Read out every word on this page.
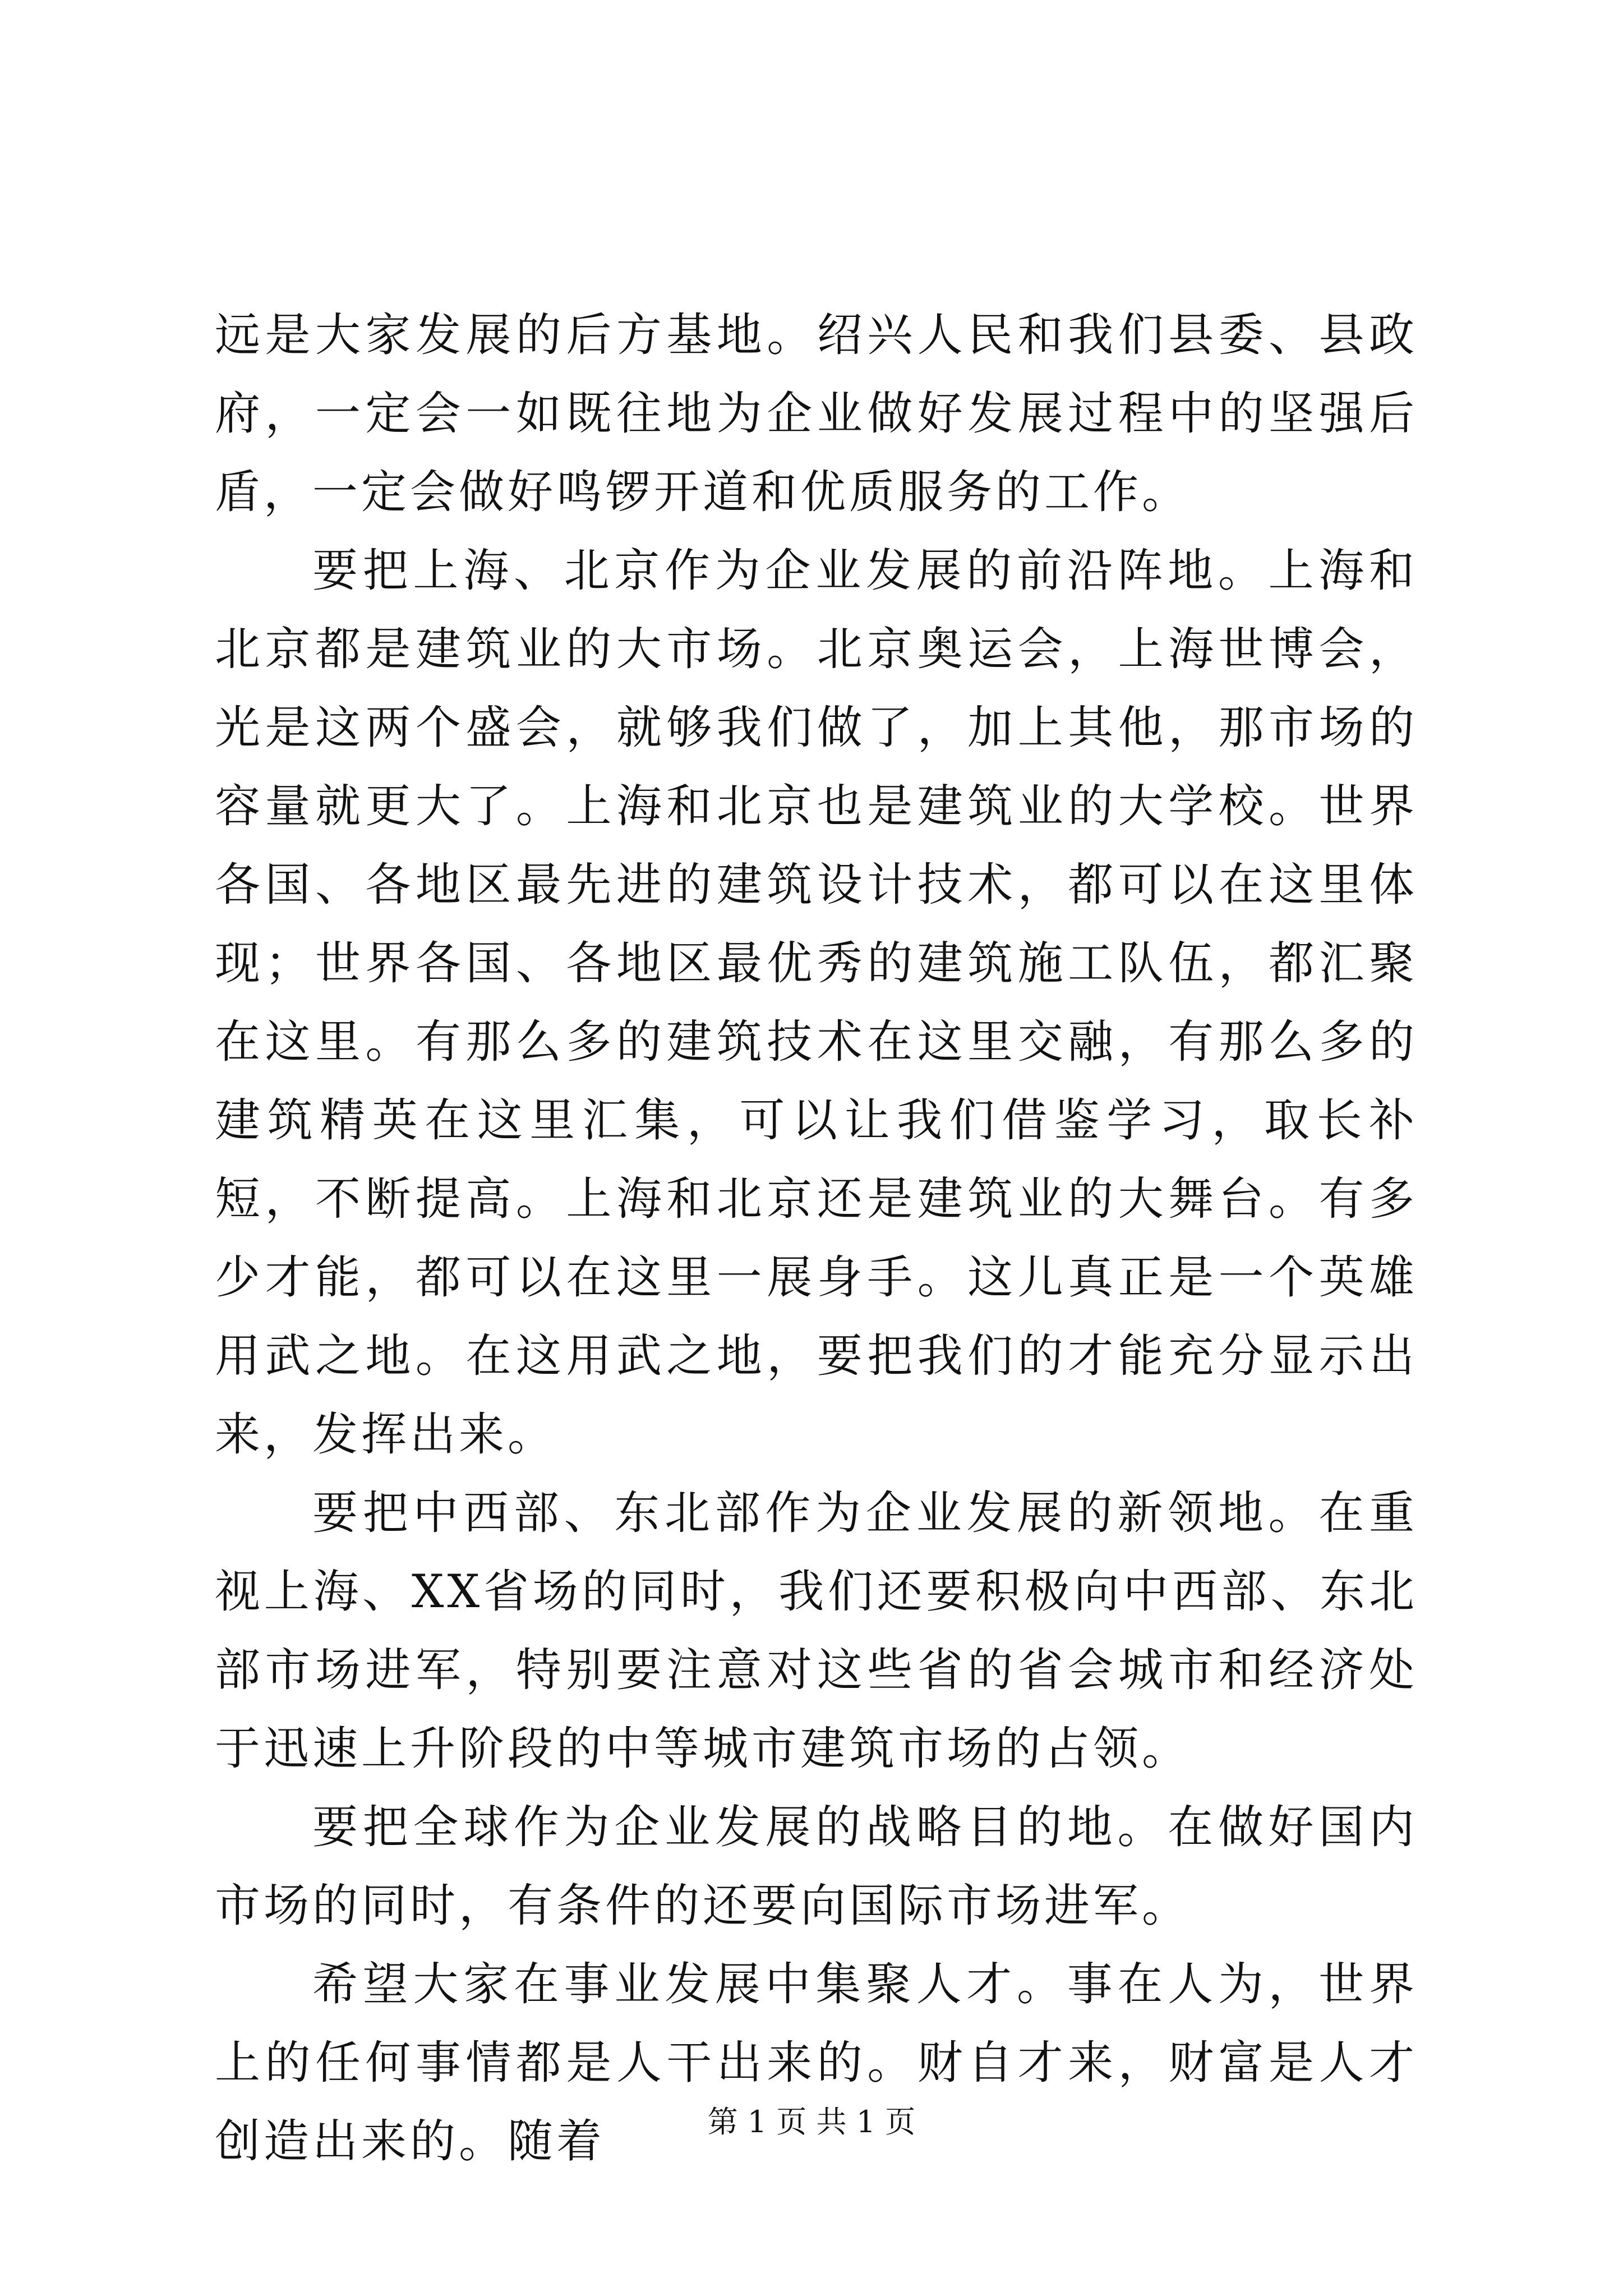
远是大家发展的后方基地。绍兴人民和我们县委、县政府，一定会一如既往地为企业做好发展过程中的坚强后盾，一定会做好鸣锣开道和优质服务的工作。

要把上海、北京作为企业发展的前沿阵地。上海和北京都是建筑业的大市场。北京奥运会，上海世博会，光是这两个盛会，就够我们做了，加上其他，那市场的容量就更大了。上海和北京也是建筑业的大学校。世界各国、各地区最先进的建筑设计技术，都可以在这里体现；世界各国、各地区最优秀的建筑施工队伍，都汇聚在这里。有那么多的建筑技术在这里交融，有那么多的建筑精英在这里汇集，可以让我们借鉴学习，取长补短，不断提高。上海和北京还是建筑业的大舞台。有多少才能，都可以在这里一展身手。这儿真正是一个英雄用武之地。在这用武之地，要把我们的才能充分显示出来，发挥出来。

要把中西部、东北部作为企业发展的新领地。在重视上海、XX省场的同时，我们还要积极向中西部、东北部市场进军，特别要注意对这些省的省会城市和经济处于迅速上升阶段的中等城市建筑市场的占领。

要把全球作为企业发展的战略目的地。在做好国内市场的同时，有条件的还要向国际市场进军。

希望大家在事业发展中集聚人才。事在人为，世界上的任何事情都是人干出来的。财自才来，财富是人才创造出来的。随着	第 1 页 共 1 页
